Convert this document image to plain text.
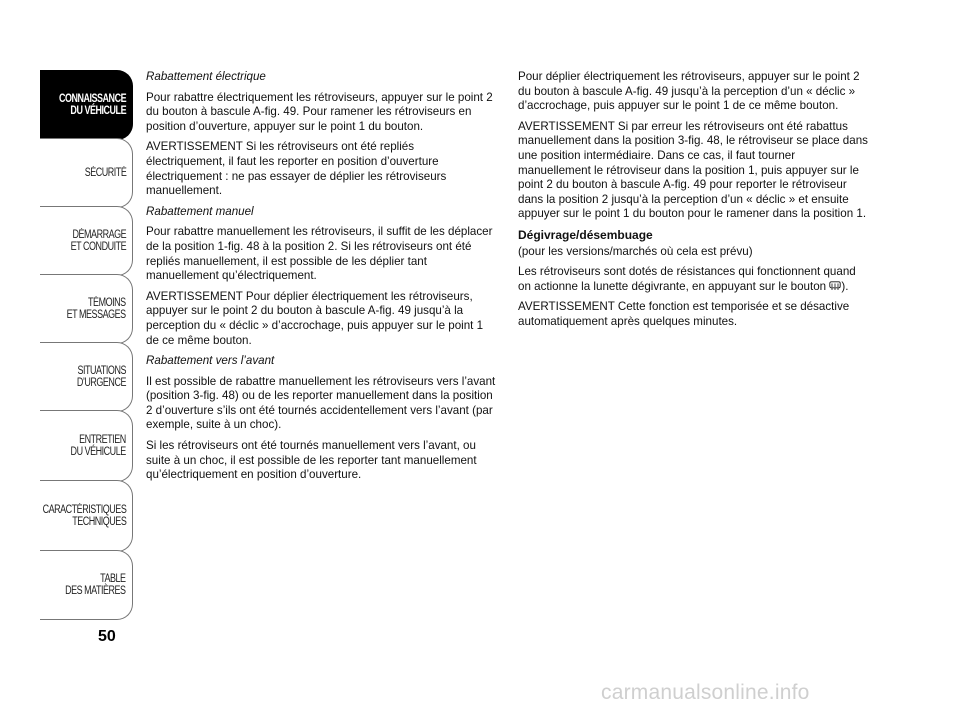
CONNAISSANCE
DU VÉHICULE
SÉCURITÉ
DÉMARRAGE
ET CONDUITE
TÉMOINS
ET MESSAGES
SITUATIONS
D’URGENCE
ENTRETIEN
DU VÉHICULE
CARACTÉRISTIQUES
TECHNIQUES
TABLE
DES MATIÈRES
50

Rabattement électrique

Pour rabattre électriquement les rétroviseurs, appuyer sur le point 2 du bouton à bascule A-fig. 49. Pour ramener les rétroviseurs en position d’ouverture, appuyer sur le point 1 du bouton.

AVERTISSEMENT Si les rétroviseurs ont été repliés électriquement, il faut les reporter en position d’ouverture électriquement : ne pas essayer de déplier les rétroviseurs manuellement.

Rabattement manuel

Pour rabattre manuellement les rétroviseurs, il suffit de les déplacer de la position 1-fig. 48 à la position 2. Si les rétroviseurs ont été repliés manuellement, il est possible de les déplier tant manuellement qu’électriquement.

AVERTISSEMENT Pour déplier électriquement les rétroviseurs, appuyer sur le point 2 du bouton à bascule A-fig. 49 jusqu’à la perception du « déclic » d’accrochage, puis appuyer sur le point 1 de ce même bouton.

Rabattement vers l’avant

Il est possible de rabattre manuellement les rétroviseurs vers l’avant (position 3-fig. 48) ou de les reporter manuellement dans la position 2 d’ouverture s’ils ont été tournés accidentellement vers l’avant (par exemple, suite à un choc).

Si les rétroviseurs ont été tournés manuellement vers l’avant, ou suite à un choc, il est possible de les reporter tant manuellement qu’électriquement en position d’ouverture.

Pour déplier électriquement les rétroviseurs, appuyer sur le point 2 du bouton à bascule A-fig. 49 jusqu’à la perception d’un « déclic » d’accrochage, puis appuyer sur le point 1 de ce même bouton.

AVERTISSEMENT Si par erreur les rétroviseurs ont été rabattus manuellement dans la position 3-fig. 48, le rétroviseur se place dans une position intermédiaire. Dans ce cas, il faut tourner manuellement le rétroviseur dans la position 1, puis appuyer sur le point 2 du bouton à bascule A-fig. 49 pour reporter le rétroviseur dans la position 2 jusqu’à la perception d’un « déclic » et ensuite appuyer sur le point 1 du bouton pour le ramener dans la position 1.

Dégivrage/désembuage

(pour les versions/marchés où cela est prévu)

Les rétroviseurs sont dotés de résistances qui fonctionnent quand on actionne la lunette dégivrante, en appuyant sur le bouton ).

AVERTISSEMENT Cette fonction est temporisée et se désactive automatiquement après quelques minutes.

carmanualsonline.info
